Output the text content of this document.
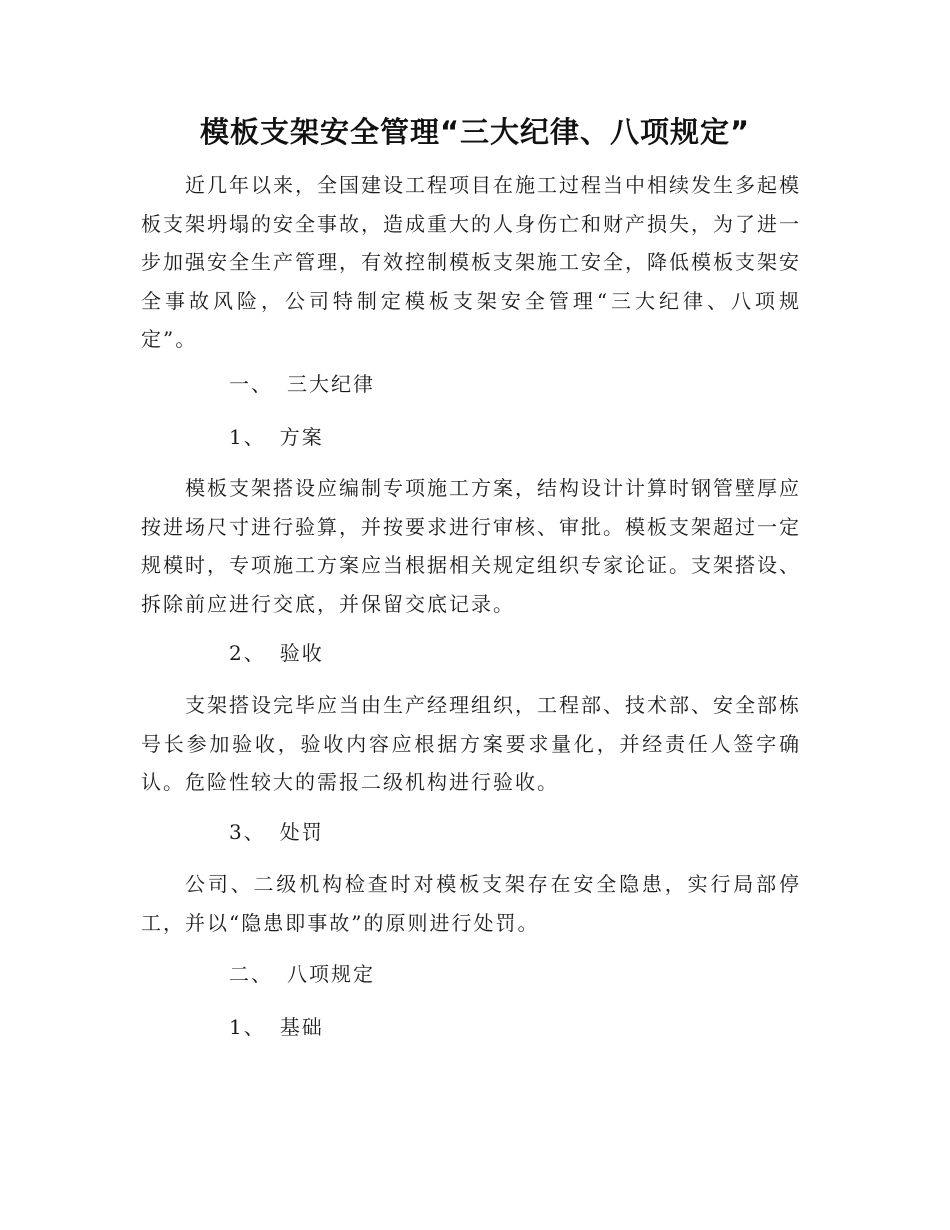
模板支架安全管理“三大纪律、八项规定”

近几年以来，全国建设工程项目在施工过程当中相续发生多起模板支架坍塌的安全事故，造成重大的人身伤亡和财产损失，为了进一步加强安全生产管理，有效控制模板支架施工安全，降低模板支架安全事故风险，公司特制定模板支架安全管理“三大纪律、八项规定”。

一、 三大纪律

1、 方案

模板支架搭设应编制专项施工方案，结构设计计算时钢管壁厚应按进场尺寸进行验算，并按要求进行审核、审批。模板支架超过一定规模时，专项施工方案应当根据相关规定组织专家论证。支架搭设、拆除前应进行交底，并保留交底记录。

2、 验收

支架搭设完毕应当由生产经理组织，工程部、技术部、安全部栋号长参加验收，验收内容应根据方案要求量化，并经责任人签字确认。危险性较大的需报二级机构进行验收。

3、 处罚

公司、二级机构检查时对模板支架存在安全隐患，实行局部停工，并以“隐患即事故”的原则进行处罚。

二、 八项规定

1、 基础
